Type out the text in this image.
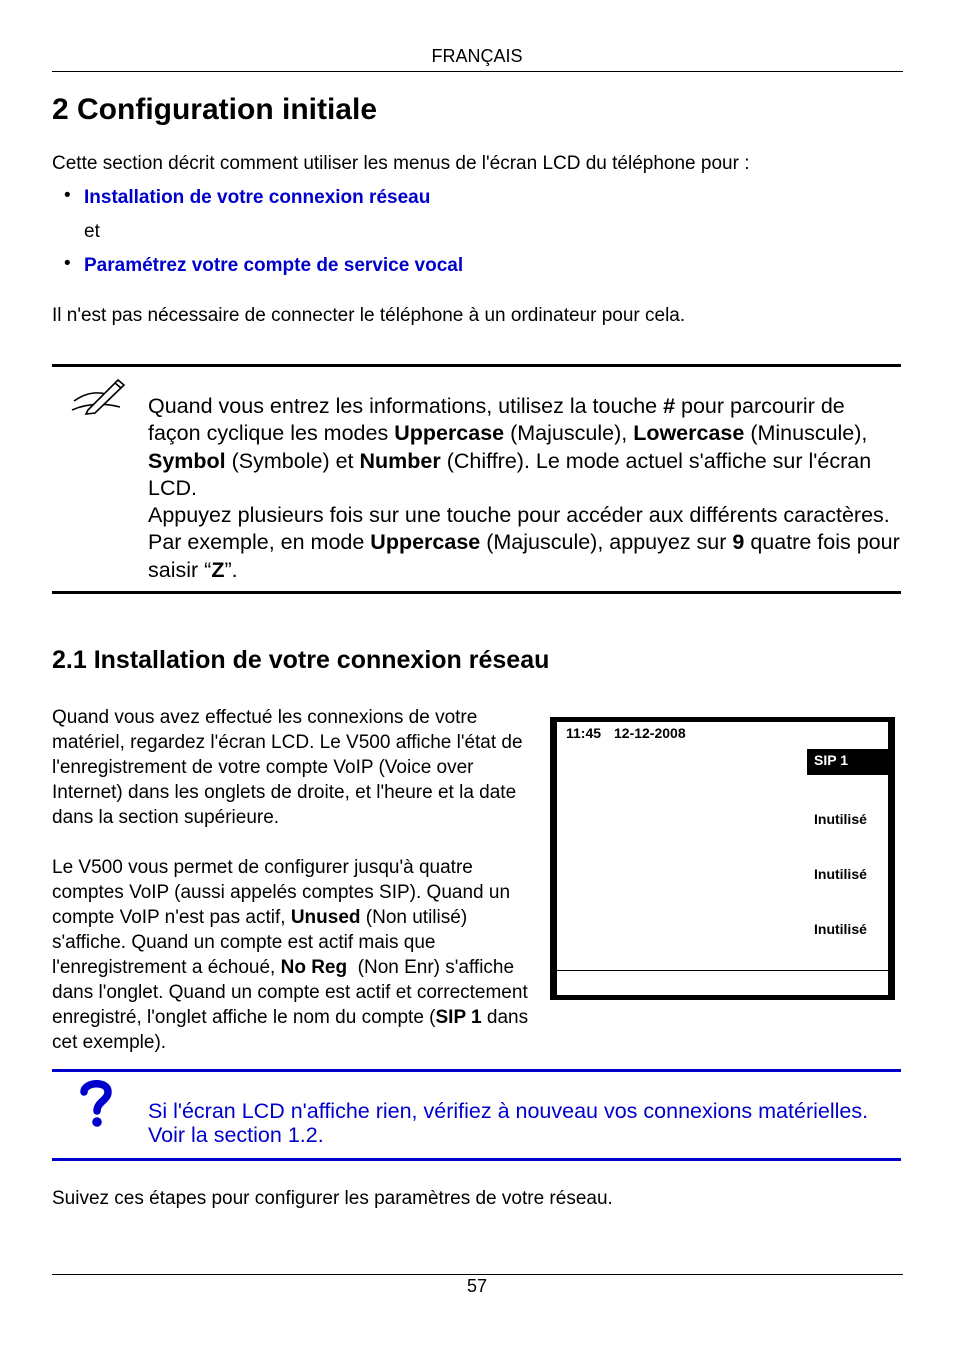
FRANÇAIS
2 Configuration initiale
Cette section décrit comment utiliser les menus de l'écran LCD du téléphone pour :
• Installation de votre connexion réseau
et
• Paramétrez votre compte de service vocal
Il n'est pas nécessaire de connecter le téléphone à un ordinateur pour cela.
Quand vous entrez les informations, utilisez la touche # pour parcourir de façon cyclique les modes Uppercase (Majuscule), Lowercase (Minuscule), Symbol (Symbole) et Number (Chiffre). Le mode actuel s'affiche sur l'écran LCD.
Appuyez plusieurs fois sur une touche pour accéder aux différents caractères. Par exemple, en mode Uppercase (Majuscule), appuyez sur 9 quatre fois pour saisir “Z”.
2.1 Installation de votre connexion réseau
Quand vous avez effectué les connexions de votre matériel, regardez l'écran LCD. Le V500 affiche l'état de l'enregistrement de votre compte VoIP (Voice over Internet) dans les onglets de droite, et l'heure et la date dans la section supérieure.
Le V500 vous permet de configurer jusqu'à quatre comptes VoIP (aussi appelés comptes SIP). Quand un compte VoIP n'est pas actif, Unused (Non utilisé) s'affiche. Quand un compte est actif mais que l'enregistrement a échoué, No Reg  (Non Enr) s'affiche dans l'onglet. Quand un compte est actif et correctement enregistré, l'onglet affiche le nom du compte (SIP 1 dans cet exemple).
11:45 12-12-2008
SIP 1
Inutilisé
Inutilisé
Inutilisé
Si l'écran LCD n'affiche rien, vérifiez à nouveau vos connexions matérielles. Voir la section 1.2.
Suivez ces étapes pour configurer les paramètres de votre réseau.
57
